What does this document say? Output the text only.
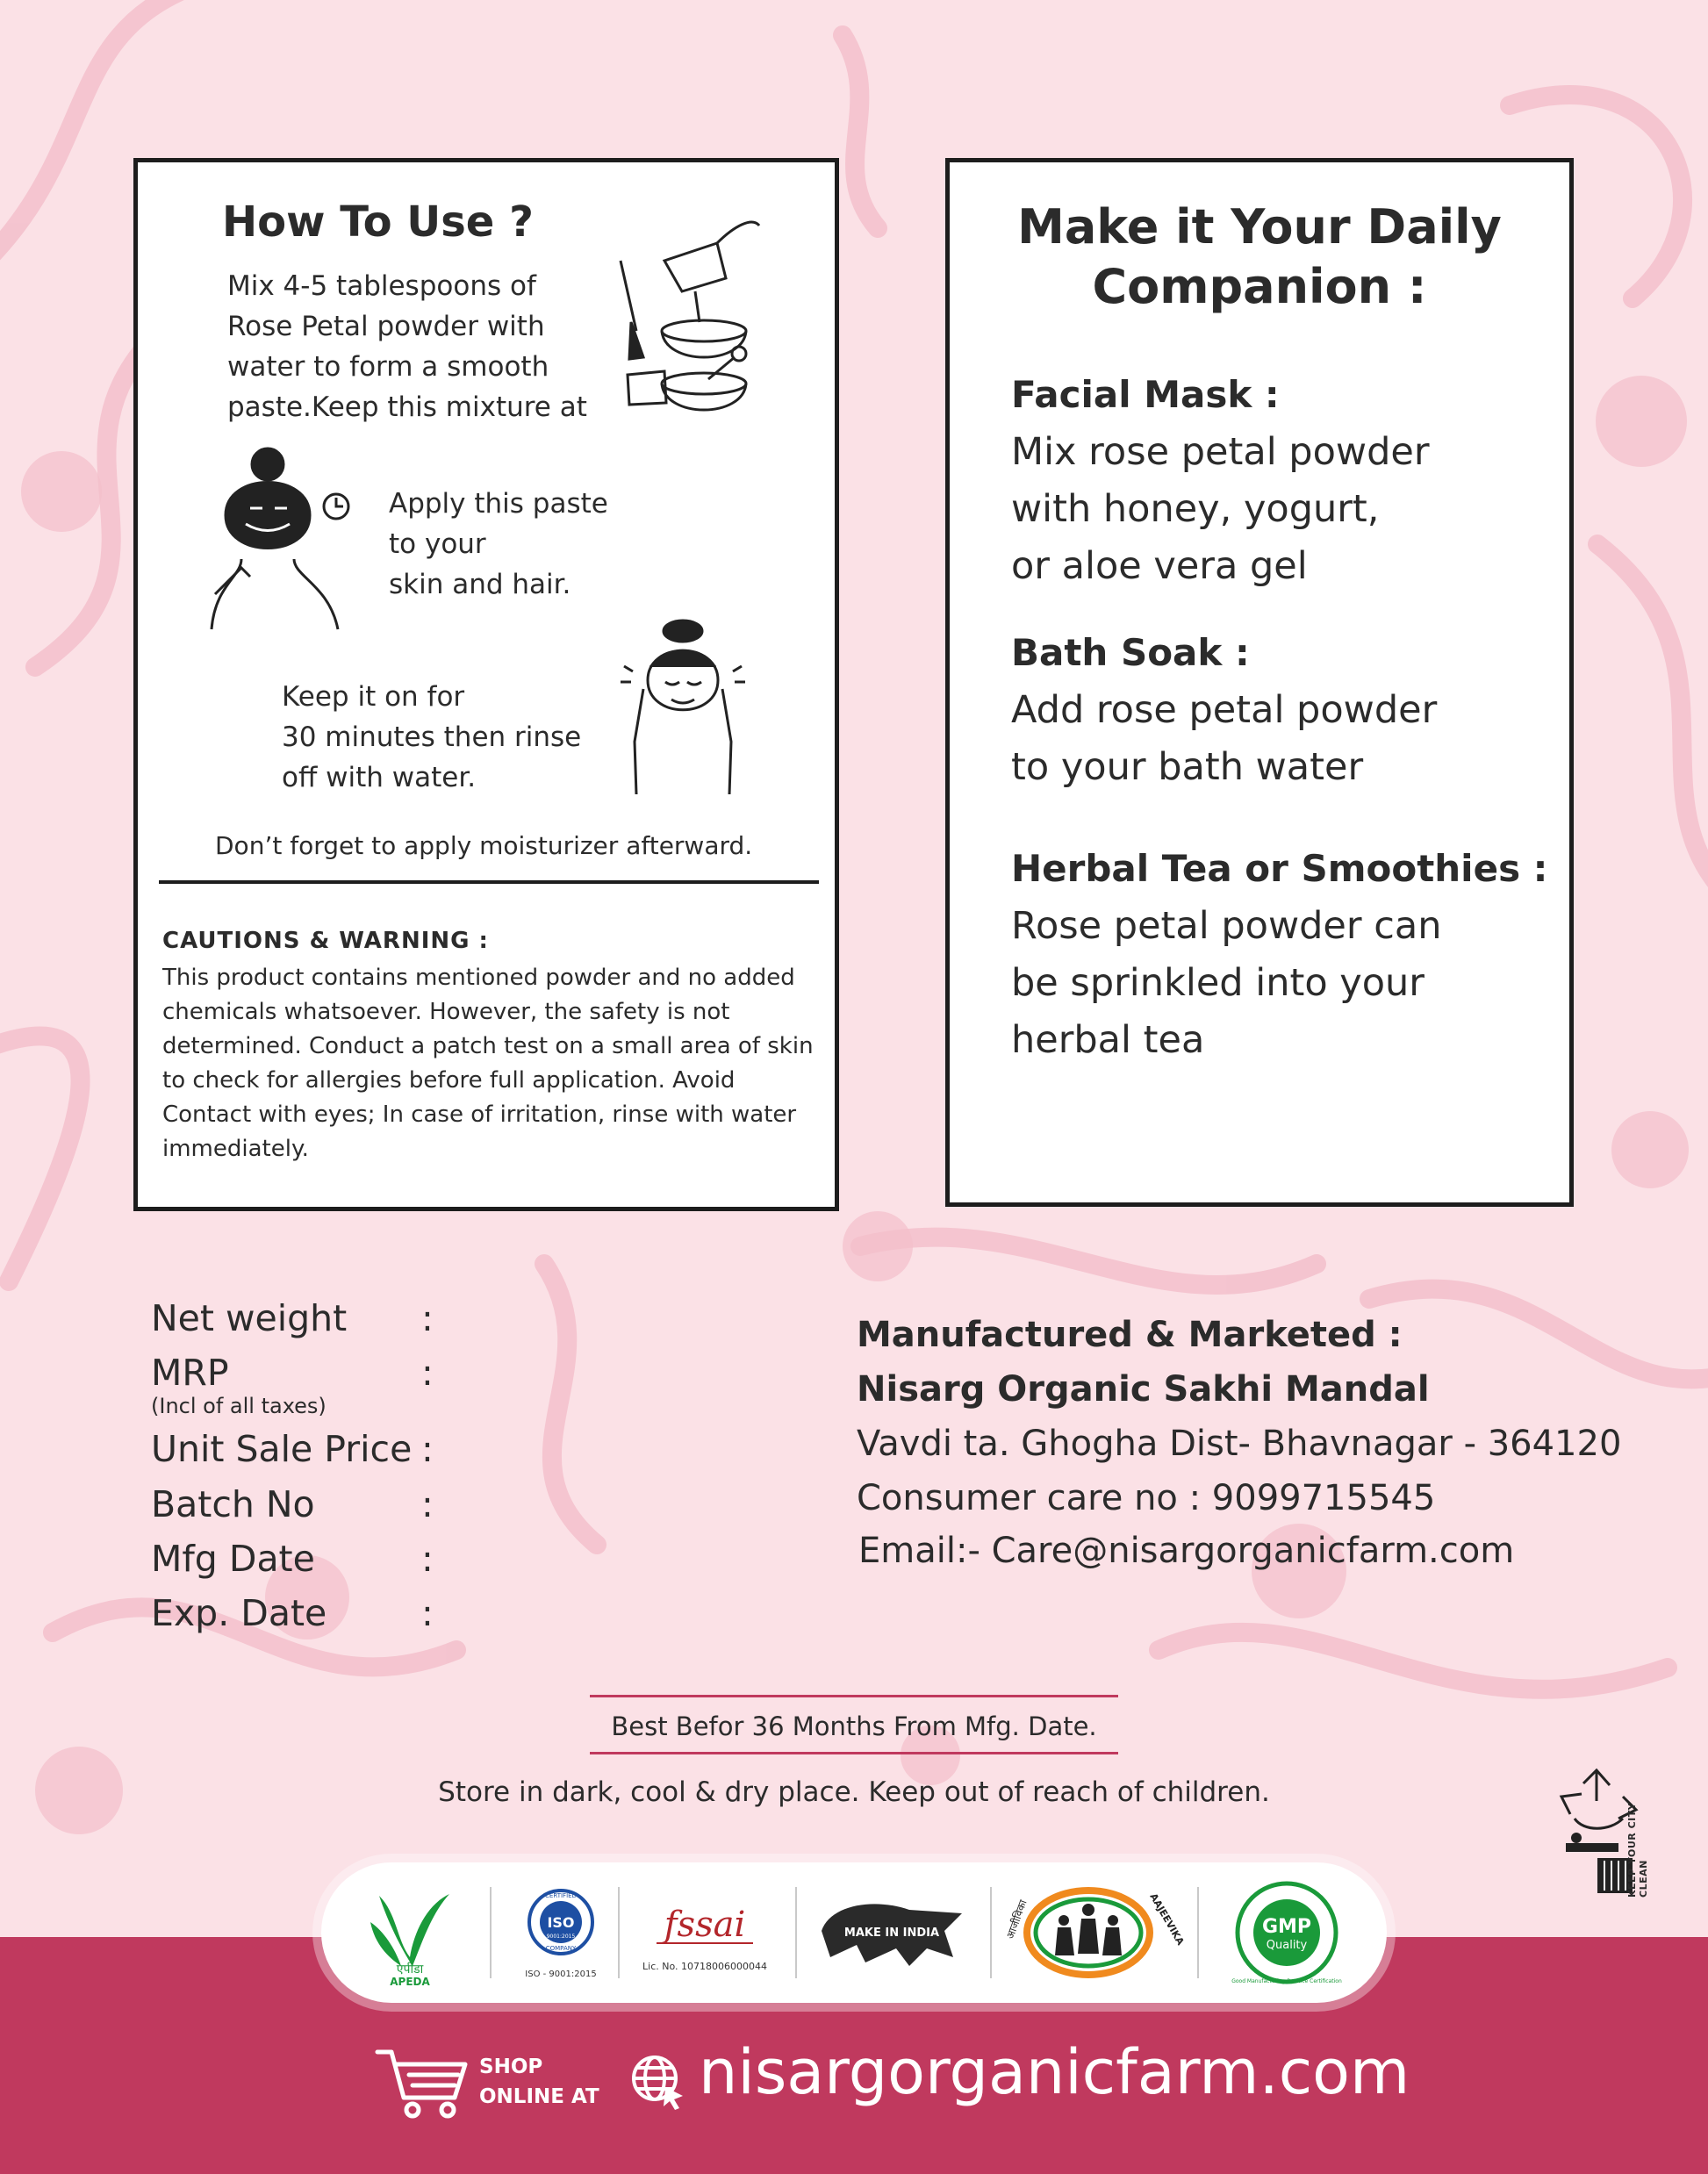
How To Use ?
Mix 4-5 tablespoons of
Rose Petal powder with
water to form a smooth
paste.Keep this mixture at
Apply this paste
to your
skin and hair.
Keep it on for
30 minutes then rinse
off with water.
Don’t forget to apply moisturizer afterward.
CAUTIONS & WARNING :
This product contains mentioned powder and no added chemicals whatsoever. However, the safety is not determined. Conduct a patch test on a small area of skin to check for allergies before full application. Avoid Contact with eyes; In case of irritation, rinse with water immediately.
Make it Your Daily
Companion :
Facial Mask :
Mix rose petal powder
with honey, yogurt,
or aloe vera gel
Bath Soak :
Add rose petal powder
to your bath water
Herbal Tea or Smoothies :
Rose petal powder can
be sprinkled into your
herbal tea
Net weight :
MRP	:
(Incl of all taxes)
Unit Sale Price :
Batch No	:
Mfg Date	:
Exp. Date	:
Manufactured & Marketed :
Nisarg Organic Sakhi Mandal
Vavdi ta. Ghogha Dist- Bhavnagar - 364120
Consumer care no : 9099715545
Email:- Care@nisargorganicfarm.com
Best Befor 36 Months From Mfg. Date.
Store in dark, cool & dry place. Keep out of reach of children.
KEEP YOUR CITY CLEAN
एपीडा
APEDA
CERTIFIED
ISO
9001:2015
COMPANY
ISO - 9001:2015
fssai
Lic. No. 10718006000044
MAKE IN INDIA	आजीविका	AAJEEVIKA	GMP
Quality
Good Manufacturing Practice Certification
SHOP
ONLINE AT nisargorganicfarm.com
